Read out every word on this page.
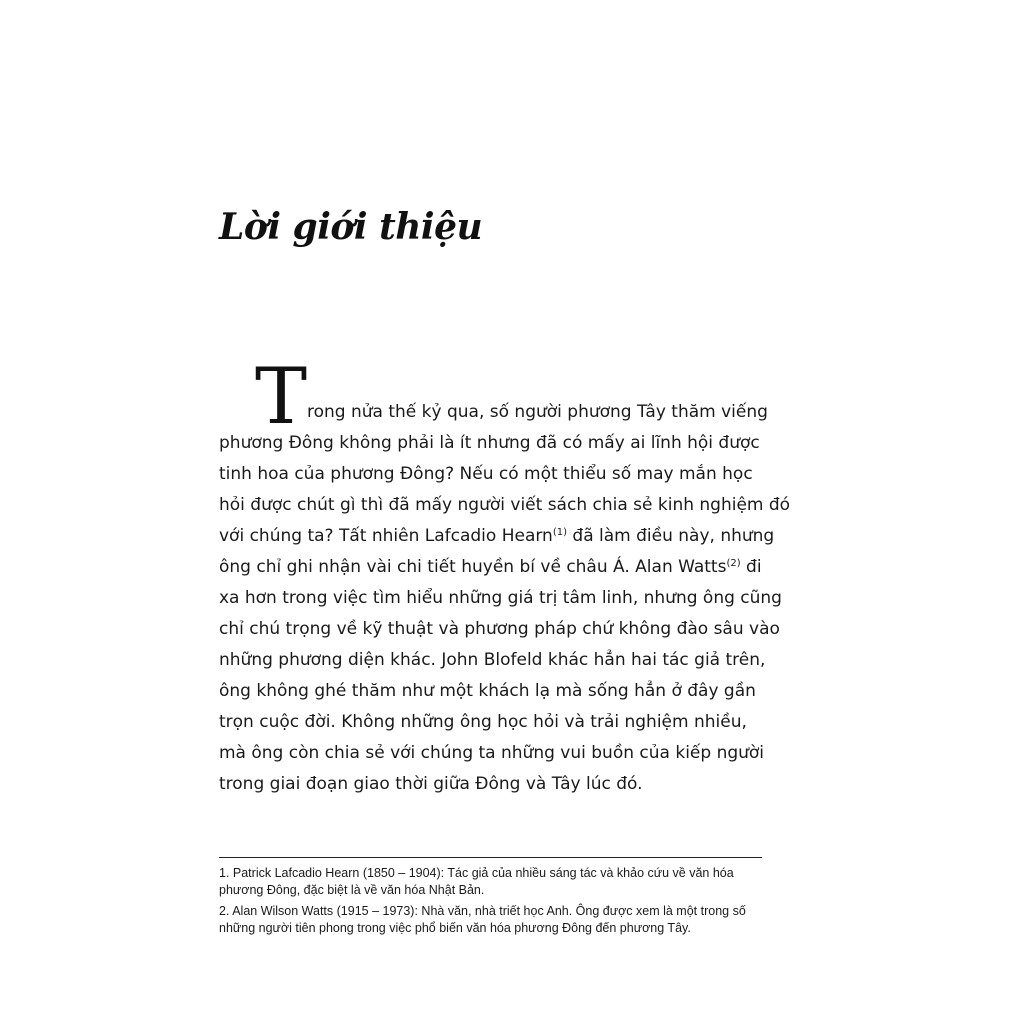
Lời giới thiệu
T rong nửa thế kỷ qua, số người phương Tây thăm viếng
phương Đông không phải là ít nhưng đã có mấy ai lĩnh hội được
tinh hoa của phương Đông? Nếu có một thiểu số may mắn học
hỏi được chút gì thì đã mấy người viết sách chia sẻ kinh nghiệm đó
với chúng ta? Tất nhiên Lafcadio Hearn$^{(1)}$ đã làm điều này, nhưng
ông chỉ ghi nhận vài chi tiết huyền bí về châu Á. Alan Watts$^{(2)}$ đi
xa hơn trong việc tìm hiểu những giá trị tâm linh, nhưng ông cũng
chỉ chú trọng về kỹ thuật và phương pháp chứ không đào sâu vào
những phương diện khác. John Blofeld khác hẳn hai tác giả trên,
ông không ghé thăm như một khách lạ mà sống hẳn ở đây gần
trọn cuộc đời. Không những ông học hỏi và trải nghiệm nhiều,
mà ông còn chia sẻ với chúng ta những vui buồn của kiếp người
trong giai đoạn giao thời giữa Đông và Tây lúc đó.

1. Patrick Lafcadio Hearn (1850 – 1904): Tác giả của nhiều sáng tác và khảo cứu về văn hóa phương Đông, đặc biệt là về văn hóa Nhật Bản.

2. Alan Wilson Watts (1915 – 1973): Nhà văn, nhà triết học Anh. Ông được xem là một trong số những người tiên phong trong việc phổ biến văn hóa phương Đông đến phương Tây.
